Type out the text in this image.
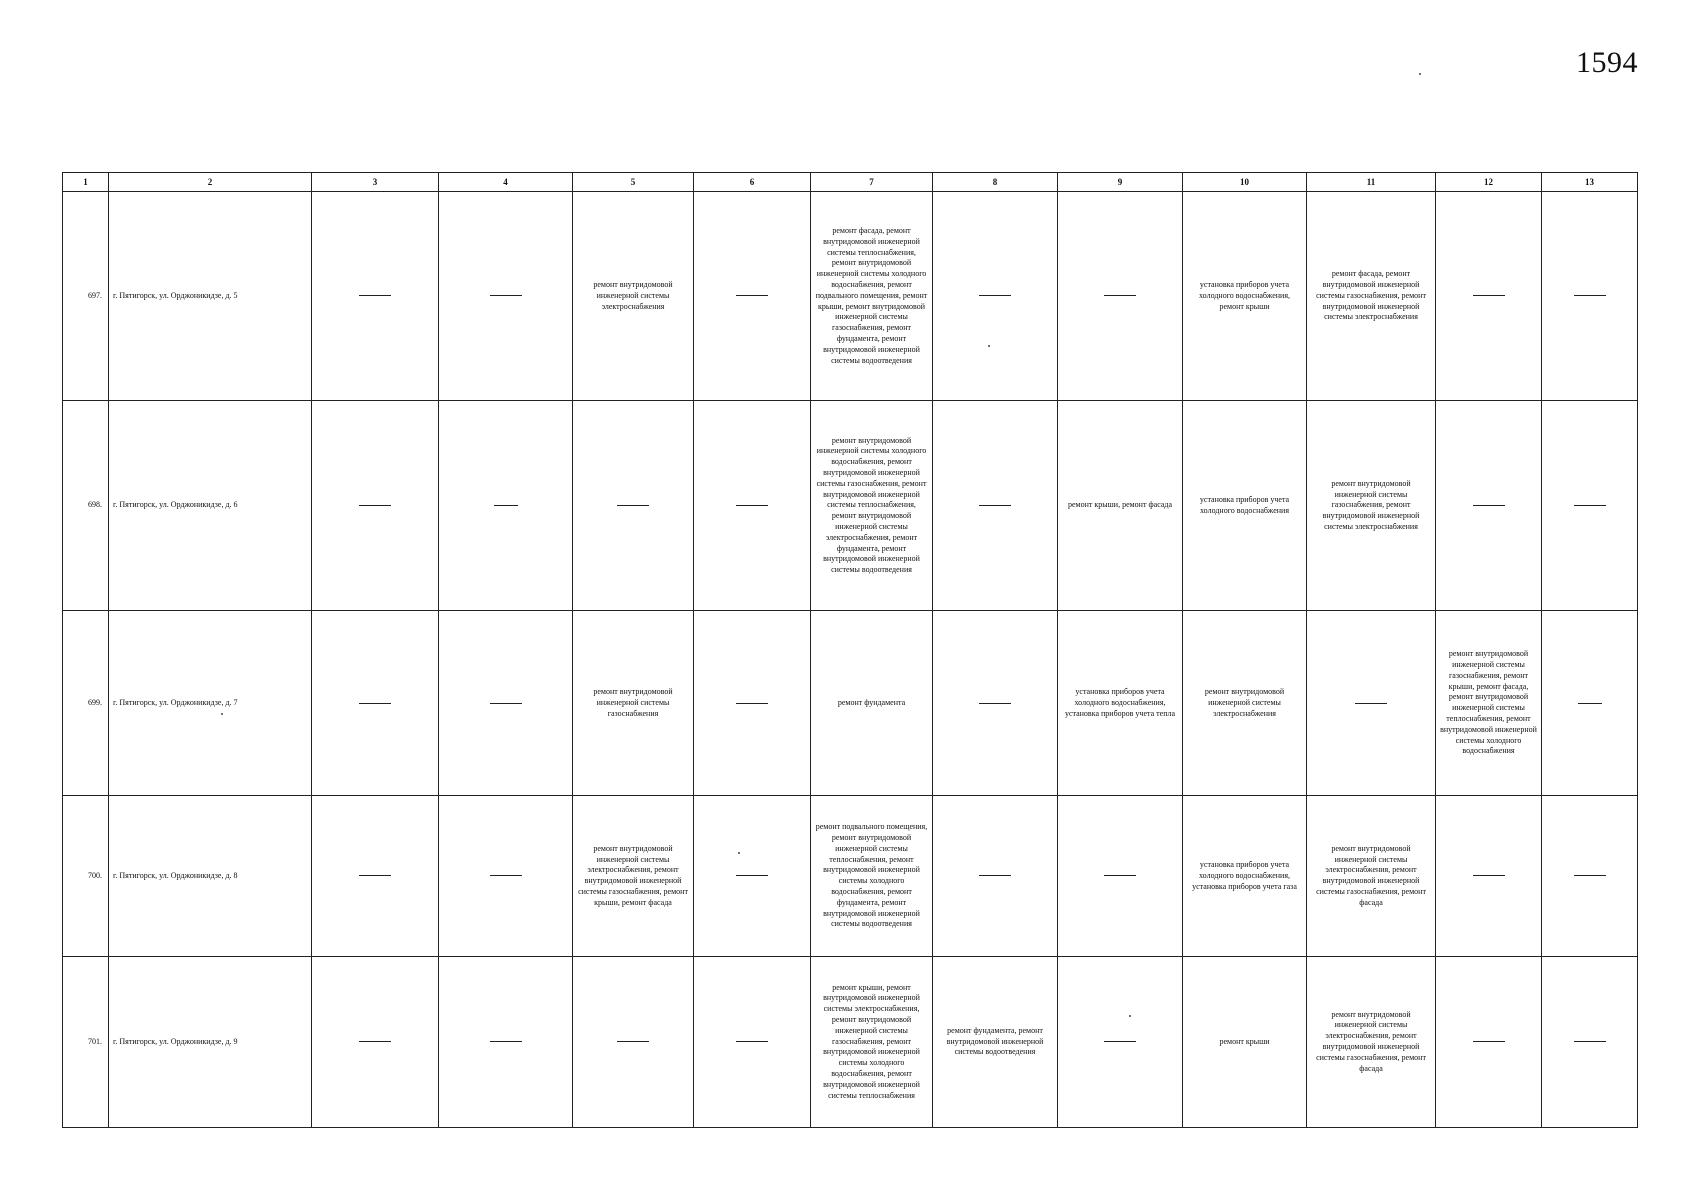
1594
1	2	3	4	5	6	7	8	9	10	11	12	13
697.	г. Пятигорск, ул. Орджоникидзе, д. 5			ремонт внутридомовой инженерной системы электроснабжения		ремонт фасада, ремонт внутридомовой инженерной системы теплоснабжения, ремонт внутридомовой инженерной системы холодного водоснабжения, ремонт подвального помещения, ремонт крыши, ремонт внутридомовой инженерной системы газоснабжения, ремонт фундамента, ремонт внутридомовой инженерной системы водоотведения			установка приборов учета холодного водоснабжения, ремонт крыши	ремонт фасада, ремонт внутридомовой инженерной системы газоснабжения, ремонт внутридомовой инженерной системы электроснабжения		
698.	г. Пятигорск, ул. Орджоникидзе, д. 6					ремонт внутридомовой инженерной системы холодного водоснабжения, ремонт внутридомовой инженерной системы газоснабжения, ремонт внутридомовой инженерной системы теплоснабжения, ремонт внутридомовой инженерной системы электроснабжения, ремонт фундамента, ремонт внутридомовой инженерной системы водоотведения		ремонт крыши, ремонт фасада	установка приборов учета холодного водоснабжения	ремонт внутридомовой инженерной системы газоснабжения, ремонт внутридомовой инженерной системы электроснабжения		
699.	г. Пятигорск, ул. Орджоникидзе, д. 7			ремонт внутридомовой инженерной системы газоснабжения		ремонт фундамента		установка приборов учета холодного водоснабжения, установка приборов учета тепла	ремонт внутридомовой инженерной системы электроснабжения		ремонт внутридомовой инженерной системы газоснабжения, ремонт крыши, ремонт фасада, ремонт внутридомовой инженерной системы теплоснабжения, ремонт внутридомовой инженерной системы холодного водоснабжения	
700.	г. Пятигорск, ул. Орджоникидзе, д. 8			ремонт внутридомовой инженерной системы электроснабжения, ремонт внутридомовой инженерной системы газоснабжения, ремонт крыши, ремонт фасада		ремонт подвального помещения, ремонт внутридомовой инженерной системы теплоснабжения, ремонт внутридомовой инженерной системы холодного водоснабжения, ремонт фундамента, ремонт внутридомовой инженерной системы водоотведения			установка приборов учета холодного водоснабжения, установка приборов учета газа	ремонт внутридомовой инженерной системы электроснабжения, ремонт внутридомовой инженерной системы газоснабжения, ремонт фасада		
701.	г. Пятигорск, ул. Орджоникидзе, д. 9					ремонт крыши, ремонт внутридомовой инженерной системы электроснабжения, ремонт внутридомовой инженерной системы газоснабжения, ремонт внутридомовой инженерной системы холодного водоснабжения, ремонт внутридомовой инженерной системы теплоснабжения	ремонт фундамента, ремонт внутридомовой инженерной системы водоотведения		ремонт крыши	ремонт внутридомовой инженерной системы электроснабжения, ремонт внутридомовой инженерной системы газоснабжения, ремонт фасада		
